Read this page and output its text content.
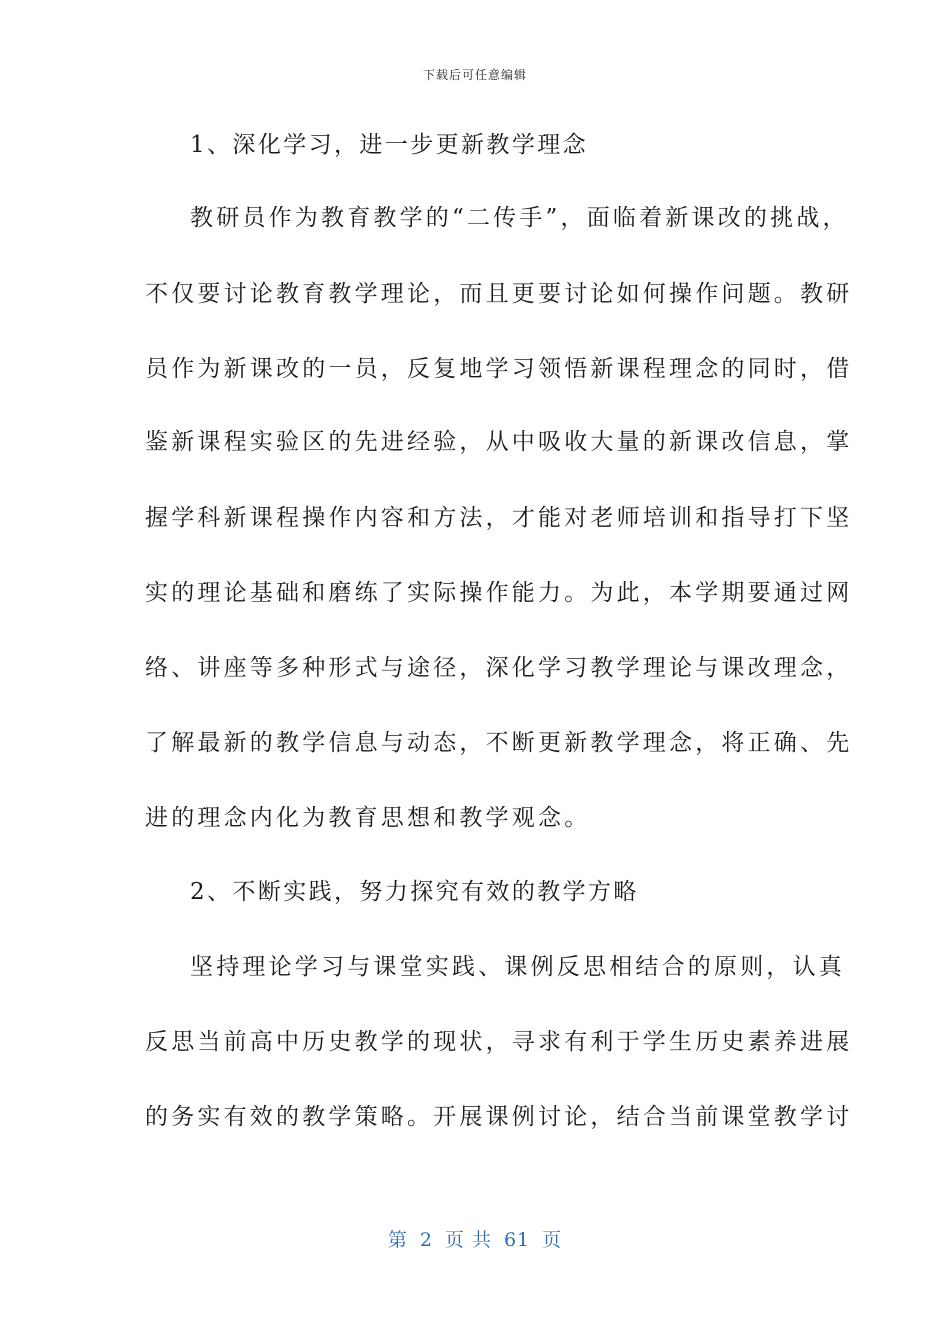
下载后可任意编辑
1、深化学习，进一步更新教学理念
教研员作为教育教学的“二传手”，面临着新课改的挑战，
不仅要讨论教育教学理论，而且更要讨论如何操作问题。教研
员作为新课改的一员，反复地学习领悟新课程理念的同时，借
鉴新课程实验区的先进经验，从中吸收大量的新课改信息，掌
握学科新课程操作内容和方法，才能对老师培训和指导打下坚
实的理论基础和磨练了实际操作能力。为此，本学期要通过网
络、讲座等多种形式与途径，深化学习教学理论与课改理念，
了解最新的教学信息与动态，不断更新教学理念，将正确、先
进的理念内化为教育思想和教学观念。
2、不断实践，努力探究有效的教学方略
坚持理论学习与课堂实践、课例反思相结合的原则，认真
反思当前高中历史教学的现状，寻求有利于学生历史素养进展
的务实有效的教学策略。开展课例讨论，结合当前课堂教学讨
第 2 页 共 61 页
